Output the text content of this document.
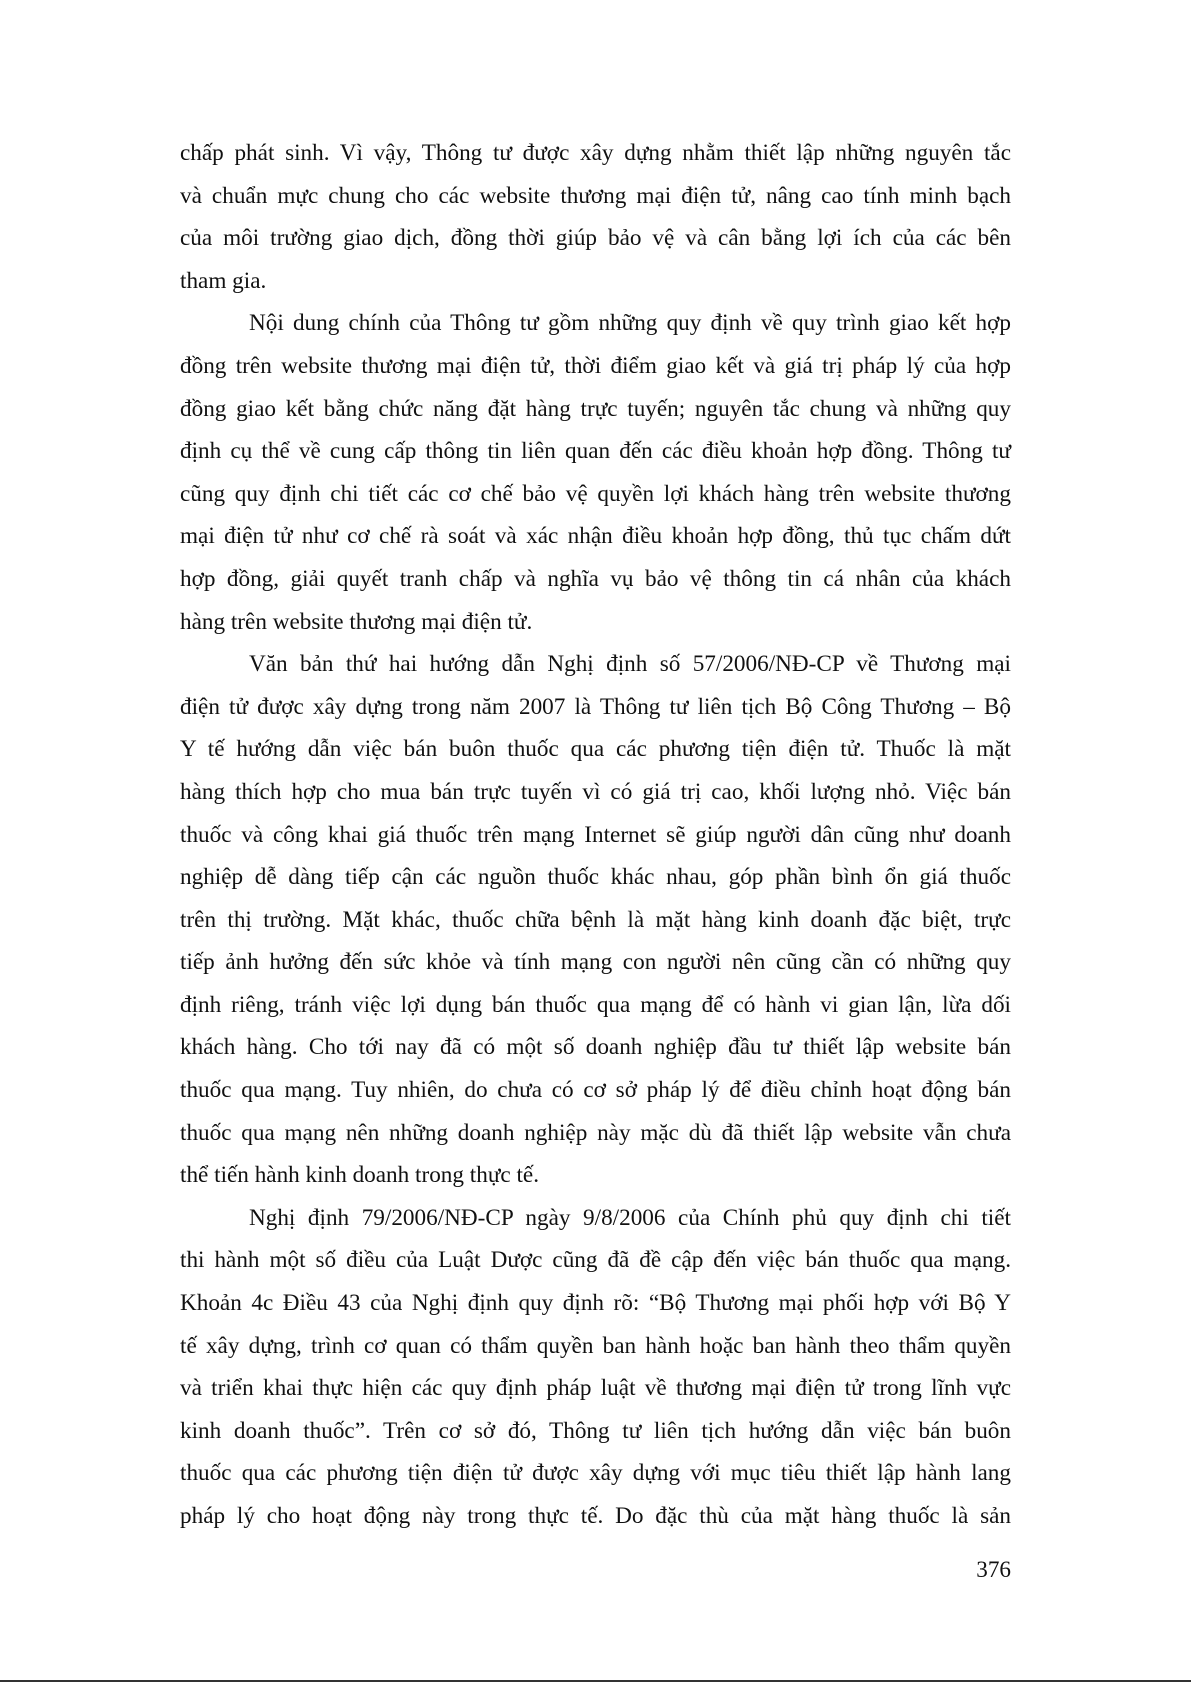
chấp phát sinh. Vì vậy, Thông tư được xây dựng nhằm thiết lập những nguyên tắc
và chuẩn mực chung cho các website thương mại điện tử, nâng cao tính minh bạch
của môi trường giao dịch, đồng thời giúp bảo vệ và cân bằng lợi ích của các bên
tham gia.

Nội dung chính của Thông tư gồm những quy định về quy trình giao kết hợp
đồng trên website thương mại điện tử, thời điểm giao kết và giá trị pháp lý của hợp
đồng giao kết bằng chức năng đặt hàng trực tuyến; nguyên tắc chung và những quy
định cụ thể về cung cấp thông tin liên quan đến các điều khoản hợp đồng. Thông tư
cũng quy định chi tiết các cơ chế bảo vệ quyền lợi khách hàng trên website thương
mại điện tử như cơ chế rà soát và xác nhận điều khoản hợp đồng, thủ tục chấm dứt
hợp đồng, giải quyết tranh chấp và nghĩa vụ bảo vệ thông tin cá nhân của khách
hàng trên website thương mại điện tử.

Văn bản thứ hai hướng dẫn Nghị định số 57/2006/NĐ-CP về Thương mại
điện tử được xây dựng trong năm 2007 là Thông tư liên tịch Bộ Công Thương – Bộ
Y tế hướng dẫn việc bán buôn thuốc qua các phương tiện điện tử. Thuốc là mặt
hàng thích hợp cho mua bán trực tuyến vì có giá trị cao, khối lượng nhỏ. Việc bán
thuốc và công khai giá thuốc trên mạng Internet sẽ giúp người dân cũng như doanh
nghiệp dễ dàng tiếp cận các nguồn thuốc khác nhau, góp phần bình ổn giá thuốc
trên thị trường. Mặt khác, thuốc chữa bệnh là mặt hàng kinh doanh đặc biệt, trực
tiếp ảnh hưởng đến sức khỏe và tính mạng con người nên cũng cần có những quy
định riêng, tránh việc lợi dụng bán thuốc qua mạng để có hành vi gian lận, lừa dối
khách hàng. Cho tới nay đã có một số doanh nghiệp đầu tư thiết lập website bán
thuốc qua mạng. Tuy nhiên, do chưa có cơ sở pháp lý để điều chỉnh hoạt động bán
thuốc qua mạng nên những doanh nghiệp này mặc dù đã thiết lập website vẫn chưa
thể tiến hành kinh doanh trong thực tế.

Nghị định 79/2006/NĐ-CP ngày 9/8/2006 của Chính phủ quy định chi tiết
thi hành một số điều của Luật Dược cũng đã đề cập đến việc bán thuốc qua mạng.
Khoản 4c Điều 43 của Nghị định quy định rõ: “Bộ Thương mại phối hợp với Bộ Y
tế xây dựng, trình cơ quan có thẩm quyền ban hành hoặc ban hành theo thẩm quyền
và triển khai thực hiện các quy định pháp luật về thương mại điện tử trong lĩnh vực
kinh doanh thuốc”. Trên cơ sở đó, Thông tư liên tịch hướng dẫn việc bán buôn
thuốc qua các phương tiện điện tử được xây dựng với mục tiêu thiết lập hành lang
pháp lý cho hoạt động này trong thực tế. Do đặc thù của mặt hàng thuốc là sản

376
